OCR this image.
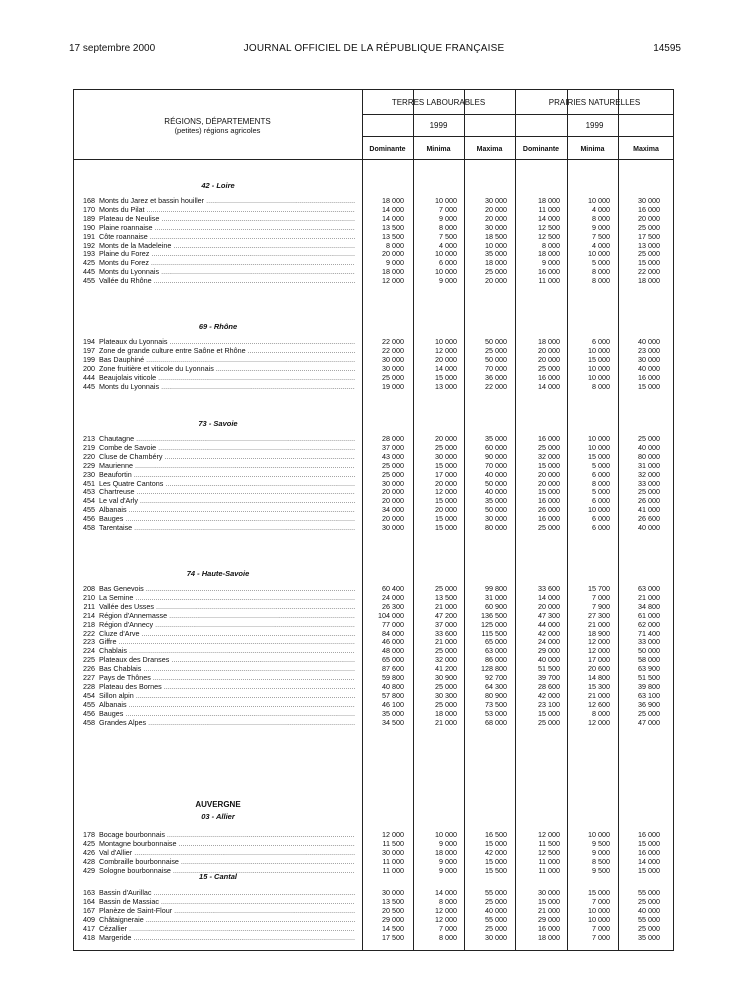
17 septembre 2000	JOURNAL OFFICIEL DE LA RÉPUBLIQUE FRANÇAISE	14595
TERRES LABOURABLES	PRAIRIES NATURELLES
1999	1999
RÉGIONS, DÉPARTEMENTS
(petites) régions agricoles
Dominante	Minima	Maxima	Dominante	Minima	Maxima
42 - Loire
168 Monts du Jarez et bassin houiller .....	18 000	10 000	30 000	18 000	10 000	30 000
170 Monts du Pilat .....	14 000	7 000	20 000	11 000	4 000	16 000
189 Plateau de Neulise .....	14 000	9 000	20 000	14 000	8 000	20 000
190 Plaine roannaise .....	13 500	8 000	30 000	12 500	9 000	25 000
191 Côte roannaise .....	13 500	7 500	18 500	12 500	7 500	17 500
192 Monts de la Madeleine .....	8 000	4 000	10 000	8 000	4 000	13 000
193 Plaine du Forez .....	20 000	10 000	35 000	18 000	10 000	25 000
425 Monts du Forez .....	9 000	6 000	18 000	9 000	5 000	15 000
445 Monts du Lyonnais .....	18 000	10 000	25 000	16 000	8 000	22 000
455 Vallée du Rhône .....	12 000	9 000	20 000	11 000	8 000	18 000
69 - Rhône
194 Plateaux du Lyonnais .....	22 000	10 000	50 000	18 000	6 000	40 000
197 Zone de grande culture entre Saône et Rhône .....	22 000	12 000	25 000	20 000	10 000	23 000
199 Bas Dauphiné .....	30 000	20 000	50 000	20 000	15 000	30 000
200 Zone fruitière et viticole du Lyonnais .....	30 000	14 000	70 000	25 000	10 000	40 000
444 Beaujolais viticole .....	25 000	15 000	36 000	16 000	10 000	16 000
445 Monts du Lyonnais .....	19 000	13 000	22 000	14 000	8 000	15 000
73 - Savoie
213 Chautagne .....	28 000	20 000	35 000	16 000	10 000	25 000
219 Combe de Savoie .....	37 000	25 000	60 000	25 000	10 000	40 000
220 Cluse de Chambéry .....	43 000	30 000	90 000	32 000	15 000	80 000
229 Maurienne .....	25 000	15 000	70 000	15 000	5 000	31 000
230 Beaufortin .....	25 000	17 000	40 000	20 000	6 000	32 000
451 Les Quatre Cantons .....	30 000	20 000	50 000	20 000	8 000	33 000
453 Chartreuse .....	20 000	12 000	40 000	15 000	5 000	25 000
454 Le val d'Arly .....	20 000	15 000	35 000	16 000	6 000	26 000
455 Albanais .....	34 000	20 000	50 000	26 000	10 000	41 000
456 Bauges .....	20 000	15 000	30 000	16 000	6 000	26 600
458 Tarentaise .....	30 000	15 000	80 000	25 000	6 000	40 000
74 - Haute-Savoie
208 Bas Genevois .....	60 400	25 000	99 800	33 600	15 700	63 000
210 La Semine .....	24 000	13 500	31 000	14 000	7 000	21 000
211 Vallée des Usses .....	26 300	21 000	60 900	20 000	7 900	34 800
214 Région d'Annemasse .....	104 000	47 200	136 500	47 300	27 300	61 000
218 Région d'Annecy .....	77 000	37 000	125 000	44 000	21 000	62 000
222 Cluze d'Arve .....	84 000	33 600	115 500	42 000	18 900	71 400
223 Giffre .....	46 000	21 000	65 000	24 000	12 000	33 000
224 Chablais .....	48 000	25 000	63 000	29 000	12 000	50 000
225 Plateaux des Dranses .....	65 000	32 000	86 000	40 000	17 000	58 000
226 Bas Chablais .....	87 600	41 200	128 800	51 500	20 600	63 900
227 Pays de Thônes .....	59 800	30 900	92 700	39 700	14 800	51 500
228 Plateau des Bornes .....	40 800	25 000	64 300	28 600	15 300	39 800
454 Sillon alpin .....	57 800	30 300	80 900	42 000	21 000	63 100
455 Albanais .....	46 100	25 000	73 500	23 100	12 600	36 900
456 Bauges .....	35 000	18 000	53 000	15 000	8 000	25 000
458 Grandes Alpes .....	34 500	21 000	68 000	25 000	12 000	47 000
AUVERGNE
03 - Allier
178 Bocage bourbonnais .....	12 000	10 000	16 500	12 000	10 000	16 000
425 Montagne bourbonnaise .....	11 500	9 000	15 000	11 500	9 500	15 000
426 Val d'Allier .....	30 000	18 000	42 000	12 500	9 000	16 000
428 Combraille bourbonnaise .....	11 000	9 000	15 000	11 000	8 500	14 000
429 Sologne bourbonnaise .....	11 000	9 000	15 500	11 000	9 500	15 000
15 - Cantal
163 Bassin d'Aurillac .....	30 000	14 000	55 000	30 000	15 000	55 000
164 Bassin de Massiac .....	13 500	8 000	25 000	15 000	7 000	25 000
167 Planèze de Saint-Flour .....	20 500	12 000	40 000	21 000	10 000	40 000
409 Châtaigneraie .....	29 000	12 000	55 000	29 000	10 000	55 000
417 Cézallier .....	14 500	7 000	25 000	16 000	7 000	25 000
418 Margeride .....	17 500	8 000	30 000	18 000	7 000	35 000
